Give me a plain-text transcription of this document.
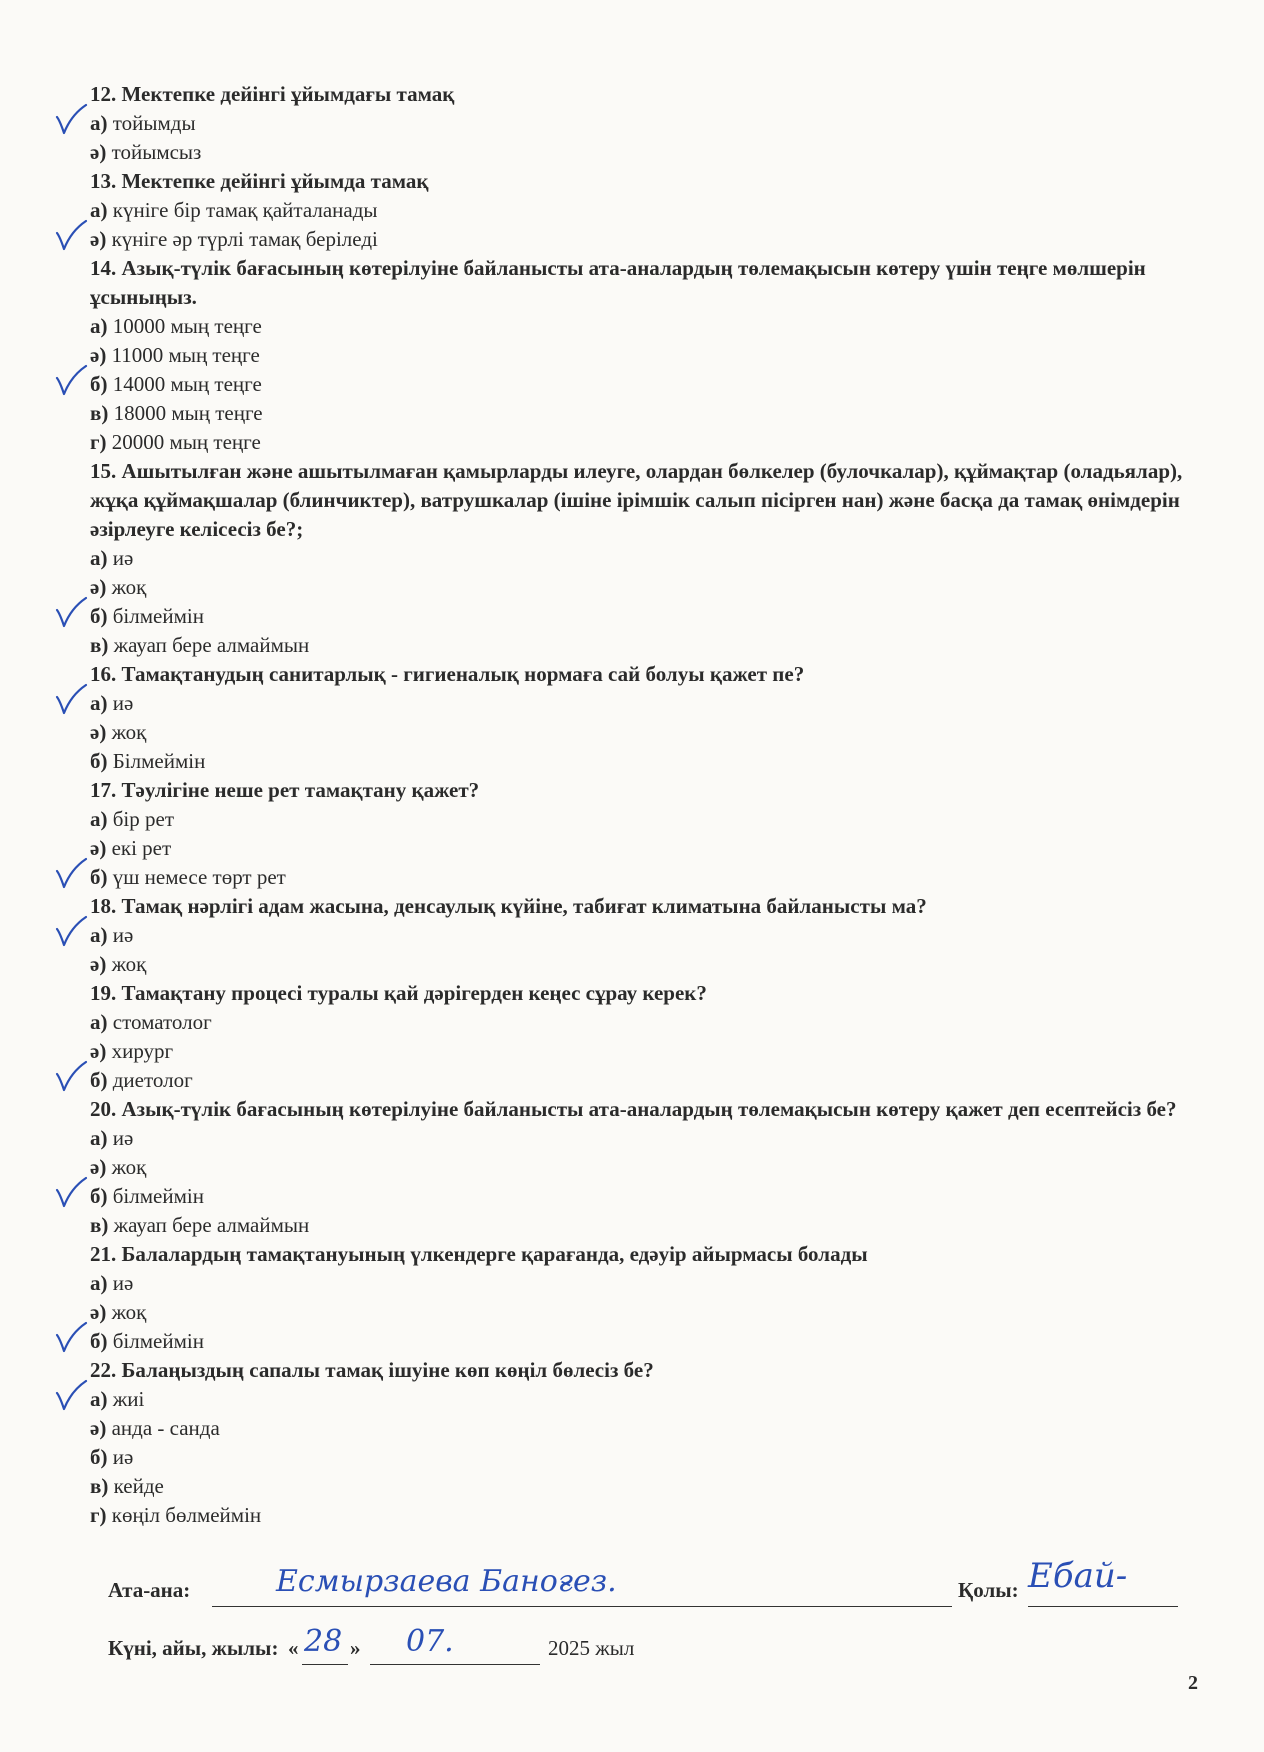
12. Мектепке дейінгі ұйымдағы тамақ

а) тойымды

ә) тойымсыз

13. Мектепке дейінгі ұйымда тамақ

а) күнігe бір тамақ қайталанады

ә) күнігe әр түрлі тамақ беріледі

14. Азық-түлік бағасының көтерілуіне байланысты ата-аналардың төлемақысын көтеру үшін теңге мөлшерін ұсыныңыз.

а) 10000 мың теңге

ә) 11000 мың теңге

б) 14000 мың теңге

в) 18000 мың теңге

г) 20000 мың теңге

15. Ашытылған және ашытылмаған қамырларды илеуге, олардан бөлкелер (булочкалар), құймақтар (оладьялар), жұқа құймақшалар (блинчиктер), ватрушкалар (ішіне ірімшік салып пісірген нан) және басқа да тамақ өнімдерін әзірлеуге келісесіз бе?;

а) иә

ә) жоқ

б) білмеймін

в) жауап бере алмаймын

16. Тамақтанудың санитарлық - гигиеналық нормаға сай болуы қажет пе?

а) иә

ә) жоқ

б) Білмеймін

17. Тәулігіне неше рет тамақтану қажет?

а) бір рет

ә) екі рет

б) үш немесе төрт рет

18. Тамақ нәрлігі адам жасына, денсаулық күйіне, табиғат климатына байланысты ма?

а) иә

ә) жоқ

19. Тамақтану процесі туралы қай дәрігерден кеңес сұрау керек?

а) стоматолог

ә) хирург

б) диетолог

20. Азық-түлік бағасының көтерілуіне байланысты ата-аналардың төлемақысын көтеру қажет деп есептейсіз бе?

а) иә

ә) жоқ

б) білмеймін

в) жауап бере алмаймын

21. Балалардың тамақтануының үлкендерге қарағанда, едәуір айырмасы болады

а) иә

ә) жоқ

б) білмеймін

22. Балаңыздың сапалы тамақ ішуіне көп көңіл бөлесіз бе?

а) жиі

ә) анда - санда

б) иә

в) кейде

г) көңіл бөлмеймін

Ата-ана:	Есмырзаева Баноғез.	Қолы: Ебай-
Күні, айы, жылы: « 28 » 07.	2025 жыл
2
